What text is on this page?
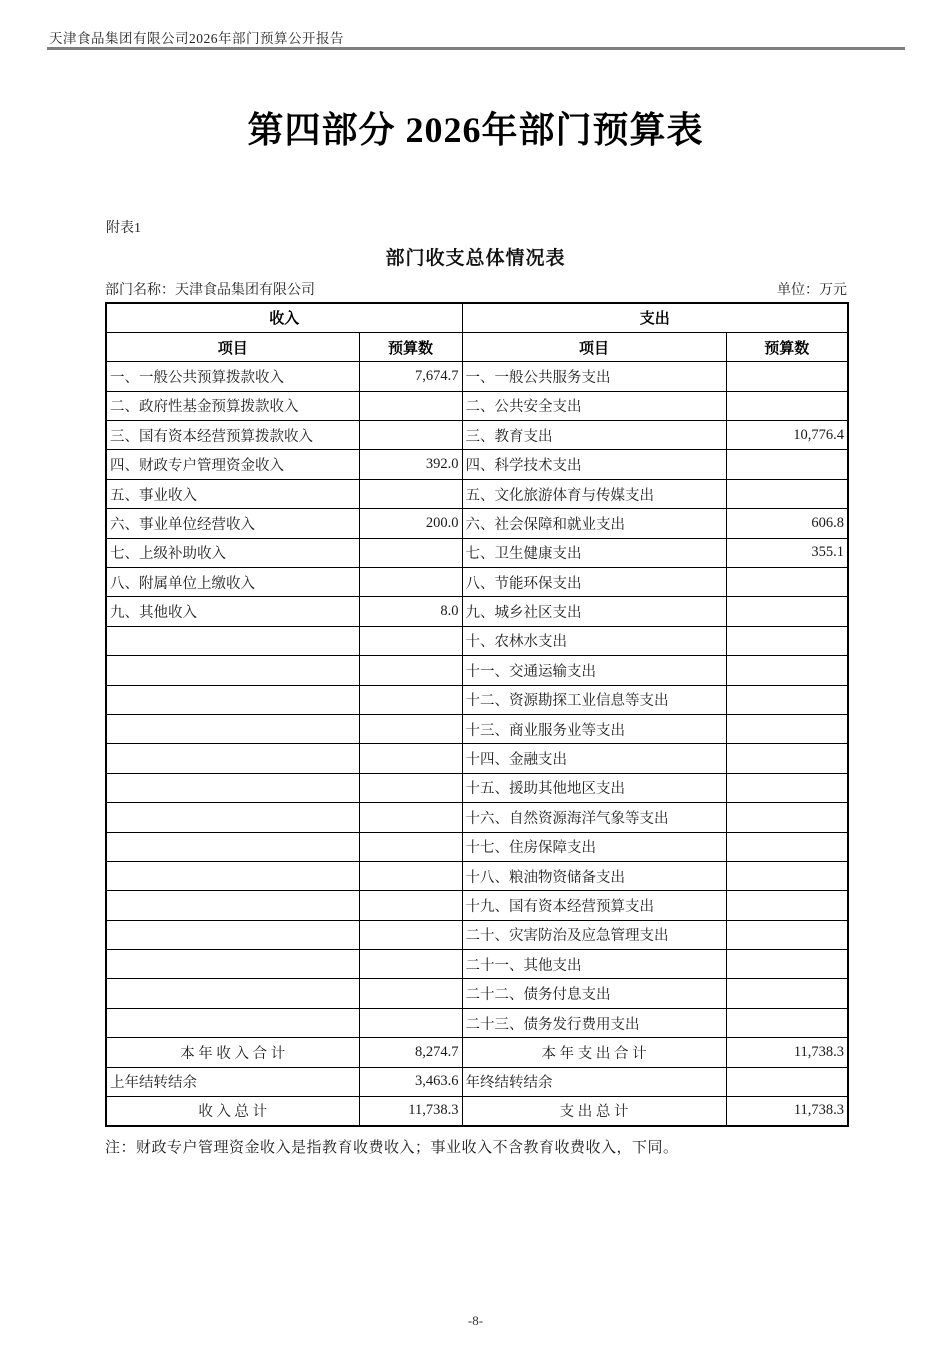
天津食品集团有限公司2026年部门预算公开报告
第四部分 2026年部门预算表
附表1
部门收支总体情况表
部门名称：天津食品集团有限公司	单位：万元
收入		支出	
项目	预算数	项目	预算数
一、一般公共预算拨款收入	7,674.7	一、一般公共服务支出	
二、政府性基金预算拨款收入		二、公共安全支出	
三、国有资本经营预算拨款收入		三、教育支出	10,776.4
四、财政专户管理资金收入	392.0	四、科学技术支出	
五、事业收入		五、文化旅游体育与传媒支出	
六、事业单位经营收入	200.0	六、社会保障和就业支出	606.8
七、上级补助收入		七、卫生健康支出	355.1
八、附属单位上缴收入		八、节能环保支出	
九、其他收入	8.0	九、城乡社区支出	
		十、农林水支出	
		十一、交通运输支出	
		十二、资源勘探工业信息等支出	
		十三、商业服务业等支出	
		十四、金融支出	
		十五、援助其他地区支出	
		十六、自然资源海洋气象等支出	
		十七、住房保障支出	
		十八、粮油物资储备支出	
		十九、国有资本经营预算支出	
		二十、灾害防治及应急管理支出	
		二十一、其他支出	
		二十二、债务付息支出	
		二十三、债务发行费用支出	
本 年 收 入 合 计	8,274.7	本 年 支 出 合 计	11,738.3
上年结转结余	3,463.6	年终结转结余	
收 入 总 计	11,738.3	支 出 总 计	11,738.3
注：财政专户管理资金收入是指教育收费收入；事业收入不含教育收费收入，下同。
-8-
